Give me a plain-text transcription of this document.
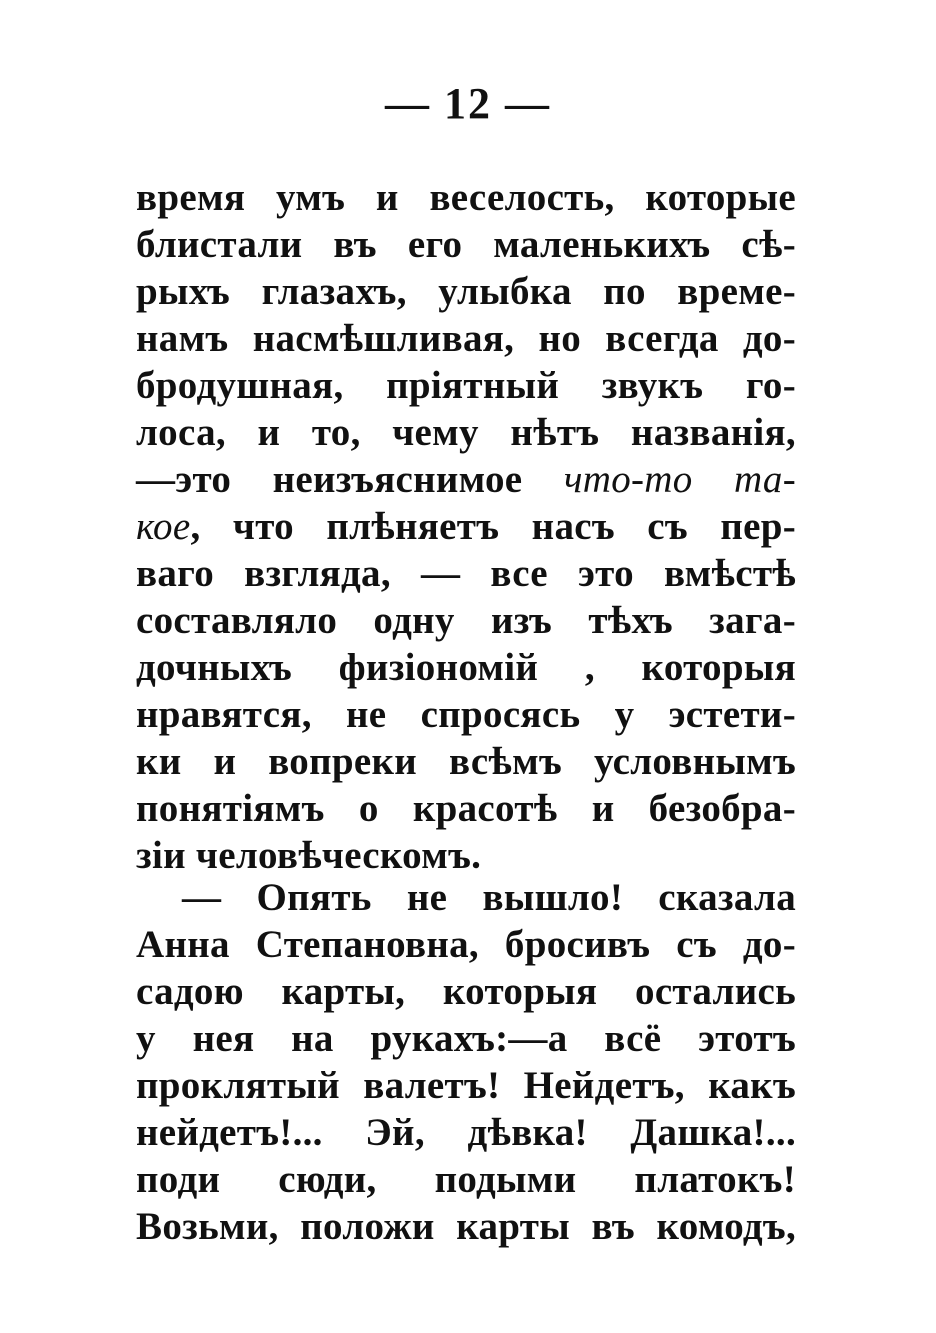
— 12 —
время умъ и веселость, которые
блистали въ его маленькихъ сѣ-
рыхъ глазахъ, улыбка по време-
намъ насмѣшливая, но всегда до-
бродушная, пріятный звукъ го-
лоса, и то, чему нѣтъ названія,
—это неизъяснимое что-то та-
кое, что плѣняетъ насъ съ пер-
ваго взгляда, — все это вмѣстѣ
составляло одну изъ тѣхъ зага-
дочныхъ физіономій , которыя
нравятся, не спросясь у эстети-
ки и вопреки всѣмъ условнымъ
понятіямъ о красотѣ и безобра-
зіи человѣческомъ.
— Опять не вышло! сказала
Анна Степановна, бросивъ съ до-
садою карты, которыя остались
у нея на рукахъ:—а всё этотъ
проклятый валетъ! Нейдетъ, какъ
нейдетъ!... Эй, дѣвка! Дашка!...
поди сюди, подыми платокъ!
Возьми, положи карты въ комодъ,
